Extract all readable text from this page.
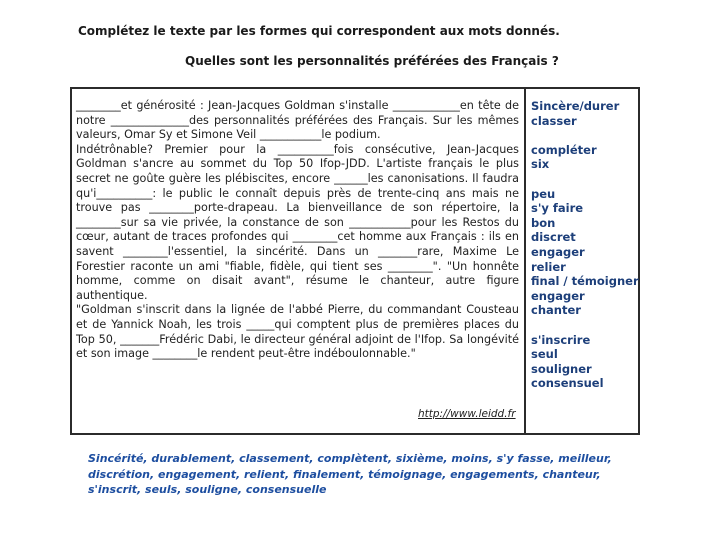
Complétez le texte par les formes qui correspondent aux mots donnés.
Quelles sont les personnalités préférées des Français ?

________et générosité : Jean-Jacques Goldman s'installe ____________en tête de notre ______________des personnalités préférées des Français. Sur les mêmes valeurs, Omar Sy et Simone Veil ___________le podium.

Indétrônable? Premier pour la __________fois consécutive, Jean-Jacques Goldman s'ancre au sommet du Top 50 Ifop-JDD. L'artiste français le plus secret ne goûte guère les plébiscites, encore ______les canonisations. Il faudra qu'i__________: le public le connaît depuis près de trente-cinq ans mais ne trouve pas ________porte-drapeau. La bienveillance de son répertoire, la ________sur sa vie privée, la constance de son ___________pour les Restos du cœur, autant de traces profondes qui ________cet homme aux Français : ils en savent ________l'essentiel, la sincérité. Dans un _______rare, Maxime Le Forestier raconte un ami "fiable, fidèle, qui tient ses ________". "Un honnête homme, comme on disait avant", résume le chanteur, autre figure authentique.

"Goldman s'inscrit dans la lignée de l'abbé Pierre, du commandant Cousteau et de Yannick Noah, les trois _____qui comptent plus de premières places du Top 50, _______Frédéric Dabi, le directeur général adjoint de l'Ifop. Sa longévité et son image ________le rendent peut-être indéboulonnable."

http://www.leidd.fr
Sincère/durer
classer
compléter
six
peu
s'y faire
bon
discret
engager
relier
final / témoigner
engager
chanter
s'inscrire
seul
souligner
consensuel
Sincérité, durablement, classement, complètent, sixième, moins, s'y fasse, meilleur, discrétion, engagement, relient, finalement, témoignage, engagements, chanteur, s'inscrit, seuls, souligne, consensuelle
